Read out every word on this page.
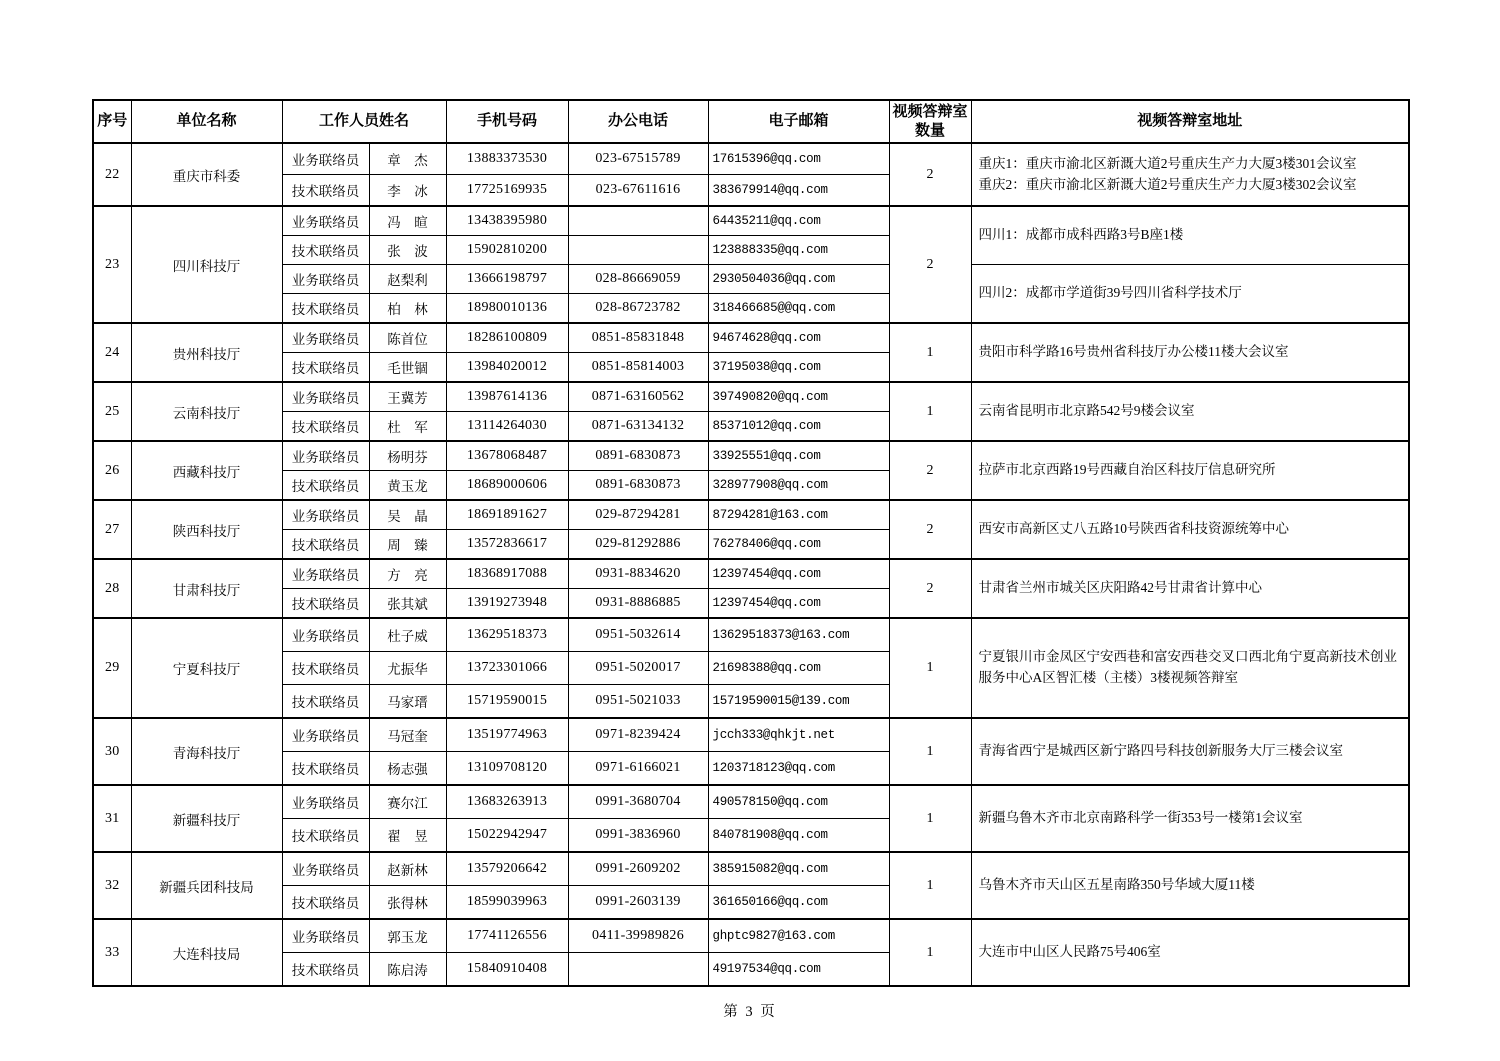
序号	单位名称	工作人员姓名		手机号码	办公电话	电子邮箱	视频答辩室
数量	视频答辩室地址
22	重庆市科委	业务联络员	章　杰	13883373530	023-67515789	17615396@qq.com	2	重庆1：重庆市渝北区新溉大道2号重庆生产力大厦3楼301会议室
重庆2：重庆市渝北区新溉大道2号重庆生产力大厦3楼302会议室

		技术联络员	李　冰	17725169935	023-67611616	383679914@qq.com		
23	四川科技厅	业务联络员	冯　暄	13438395980		64435211@qq.com	2	四川1：成都市成科西路3号B座1楼
		技术联络员	张　波	15902810200		123888335@qq.com		
		业务联络员	赵梨利	13666198797	028-86669059	2930504036@qq.com		四川2：成都市学道街39号四川省科学技术厅
		技术联络员	柏　林	18980010136	028-86723782	318466685@@qq.com		
24	贵州科技厅	业务联络员	陈首位	18286100809	0851-85831848	94674628@qq.com	1	贵阳市科学路16号贵州省科技厅办公楼11楼大会议室
		技术联络员	毛世锢	13984020012	0851-85814003	37195038@qq.com		
25	云南科技厅	业务联络员	王冀芳	13987614136	0871-63160562	397490820@qq.com	1	云南省昆明市北京路542号9楼会议室
		技术联络员	杜　军	13114264030	0871-63134132	85371012@qq.com		
26	西藏科技厅	业务联络员	杨明芬	13678068487	0891-6830873	33925551@qq.com	2	拉萨市北京西路19号西藏自治区科技厅信息研究所
		技术联络员	黄玉龙	18689000606	0891-6830873	328977908@qq.com		
27	陕西科技厅	业务联络员	吴　晶	18691891627	029-87294281	87294281@163.com	2	西安市高新区丈八五路10号陕西省科技资源统筹中心
		技术联络员	周　臻	13572836617	029-81292886	76278406@qq.com		
28	甘肃科技厅	业务联络员	方　亮	18368917088	0931-8834620	12397454@qq.com	2	甘肃省兰州市城关区庆阳路42号甘肃省计算中心
		技术联络员	张其斌	13919273948	0931-8886885	12397454@qq.com		
29	宁夏科技厅	业务联络员	杜子威	13629518373	0951-5032614	13629518373@163.com	1	宁夏银川市金凤区宁安西巷和富安西巷交叉口西北角宁夏高新技术创业服务中心A区智汇楼（主楼）3楼视频答辩室
		技术联络员	尤振华	13723301066	0951-5020017	21698388@qq.com		
		技术联络员	马家瑨	15719590015	0951-5021033	15719590015@139.com		
30	青海科技厅	业务联络员	马冠奎	13519774963	0971-8239424	jcch333@qhkjt.net	1	青海省西宁是城西区新宁路四号科技创新服务大厅三楼会议室
		技术联络员	杨志强	13109708120	0971-6166021	1203718123@qq.com		
31	新疆科技厅	业务联络员	赛尔江	13683263913	0991-3680704	490578150@qq.com	1	新疆乌鲁木齐市北京南路科学一街353号一楼第1会议室
		技术联络员	翟　昱	15022942947	0991-3836960	840781908@qq.com		
32	新疆兵团科技局	业务联络员	赵新林	13579206642	0991-2609202	385915082@qq.com	1	乌鲁木齐市天山区五星南路350号华域大厦11楼
		技术联络员	张得林	18599039963	0991-2603139	361650166@qq.com		
33	大连科技局	业务联络员	郭玉龙	17741126556	0411-39989826	ghptc9827@163.com	1	大连市中山区人民路75号406室
		技术联络员	陈启涛	15840910408		49197534@qq.com		
第 3 页
